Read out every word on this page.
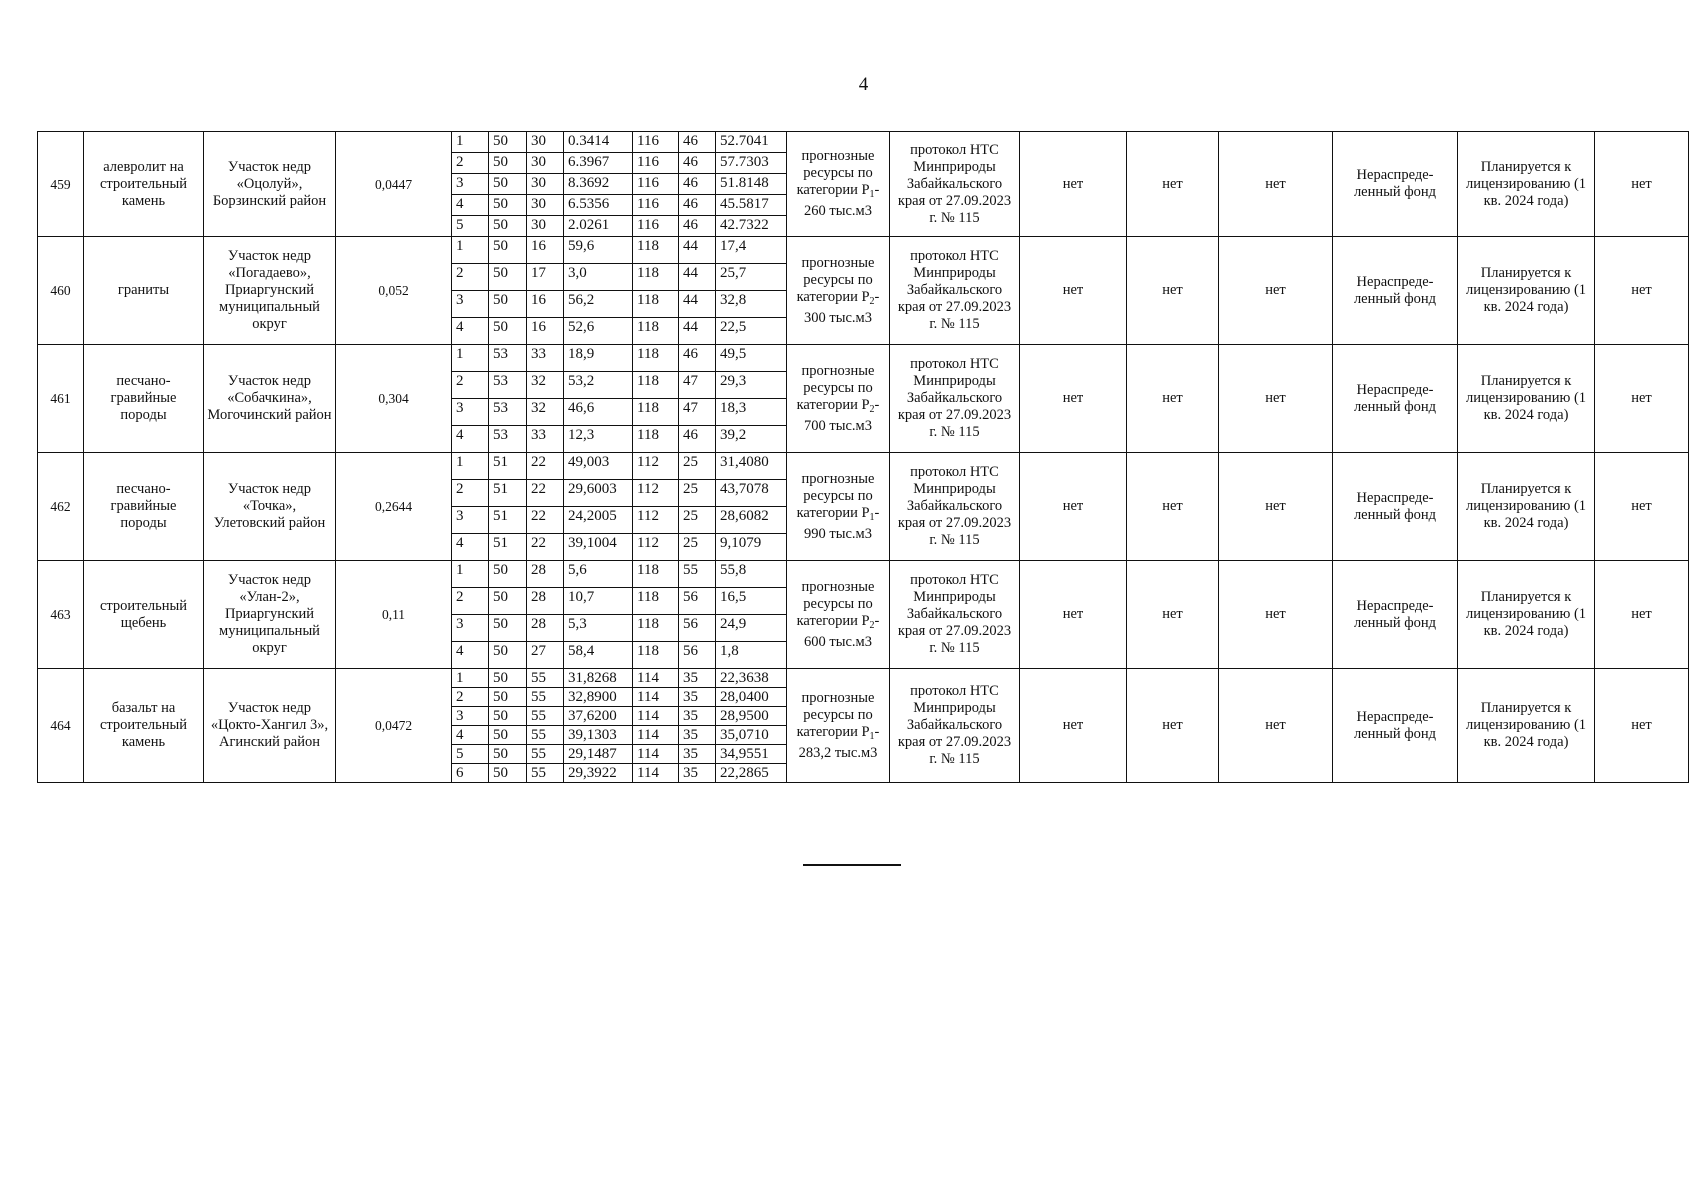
4
459	алевролит на строительный камень	Участок недр «Оцолуй», Борзинский район	0,0447	1	50	30	0.3414	116	46	52.7041	прогнозные ресурсы по категории $Р_1-260$ тыс.м3	протокол НТС Минприроды Забайкальского края от 27.09.2023 г. № 115	нет	нет	нет	Нераспреде-ленный фонд	Планируется к лицензированию (1 кв. 2024 года)	нет
				2	50	30	6.3967	116	46	57.7303								
				3	50	30	8.3692	116	46	51.8148								
				4	50	30	6.5356	116	46	45.5817								
				5	50	30	2.0261	116	46	42.7322								
460	граниты	Участок недр «Погадаево», Приаргунский муниципальный округ	0,052	1	50	16	59,6	118	44	17,4	прогнозные ресурсы по категории $Р_2-300$ тыс.м3	протокол НТС Минприроды Забайкальского края от 27.09.2023 г. № 115	нет	нет	нет	Нераспреде-ленный фонд	Планируется к лицензированию (1 кв. 2024 года)	нет
				2	50	17	3,0	118	44	25,7								
				3	50	16	56,2	118	44	32,8								
				4	50	16	52,6	118	44	22,5								
461	песчано-гравийные породы	Участок недр «Собачкина», Могочинский район	0,304	1	53	33	18,9	118	46	49,5	прогнозные ресурсы по категории $Р_2-700$ тыс.м3	протокол НТС Минприроды Забайкальского края от 27.09.2023 г. № 115	нет	нет	нет	Нераспреде-ленный фонд	Планируется к лицензированию (1 кв. 2024 года)	нет
				2	53	32	53,2	118	47	29,3								
				3	53	32	46,6	118	47	18,3								
				4	53	33	12,3	118	46	39,2								
462	песчано-гравийные породы	Участок недр «Точка», Улетовский район	0,2644	1	51	22	49,003	112	25	31,4080	прогнозные ресурсы по категории $Р_1-990$ тыс.м3	протокол НТС Минприроды Забайкальского края от 27.09.2023 г. № 115	нет	нет	нет	Нераспреде-ленный фонд	Планируется к лицензированию (1 кв. 2024 года)	нет
				2	51	22	29,6003	112	25	43,7078								
				3	51	22	24,2005	112	25	28,6082								
				4	51	22	39,1004	112	25	9,1079								
463	строительный щебень	Участок недр «Улан-2», Приаргунский муниципальный округ	0,11	1	50	28	5,6	118	55	55,8	прогнозные ресурсы по категории $Р_2-600$ тыс.м3	протокол НТС Минприроды Забайкальского края от 27.09.2023 г. № 115	нет	нет	нет	Нераспреде-ленный фонд	Планируется к лицензированию (1 кв. 2024 года)	нет
				2	50	28	10,7	118	56	16,5								
				3	50	28	5,3	118	56	24,9								
				4	50	27	58,4	118	56	1,8								
464	базальт на строительный камень	Участок недр «Цокто-Хангил 3», Агинский район	0,0472	1	50	55	31,8268	114	35	22,3638	прогнозные ресурсы по категории $Р_1-283,2$ тыс.м3	протокол НТС Минприроды Забайкальского края от 27.09.2023 г. № 115	нет	нет	нет	Нераспреде-ленный фонд	Планируется к лицензированию (1 кв. 2024 года)	нет
				2	50	55	32,8900	114	35	28,0400								
				3	50	55	37,6200	114	35	28,9500								
				4	50	55	39,1303	114	35	35,0710								
				5	50	55	29,1487	114	35	34,9551								
				6	50	55	29,3922	114	35	22,2865								
